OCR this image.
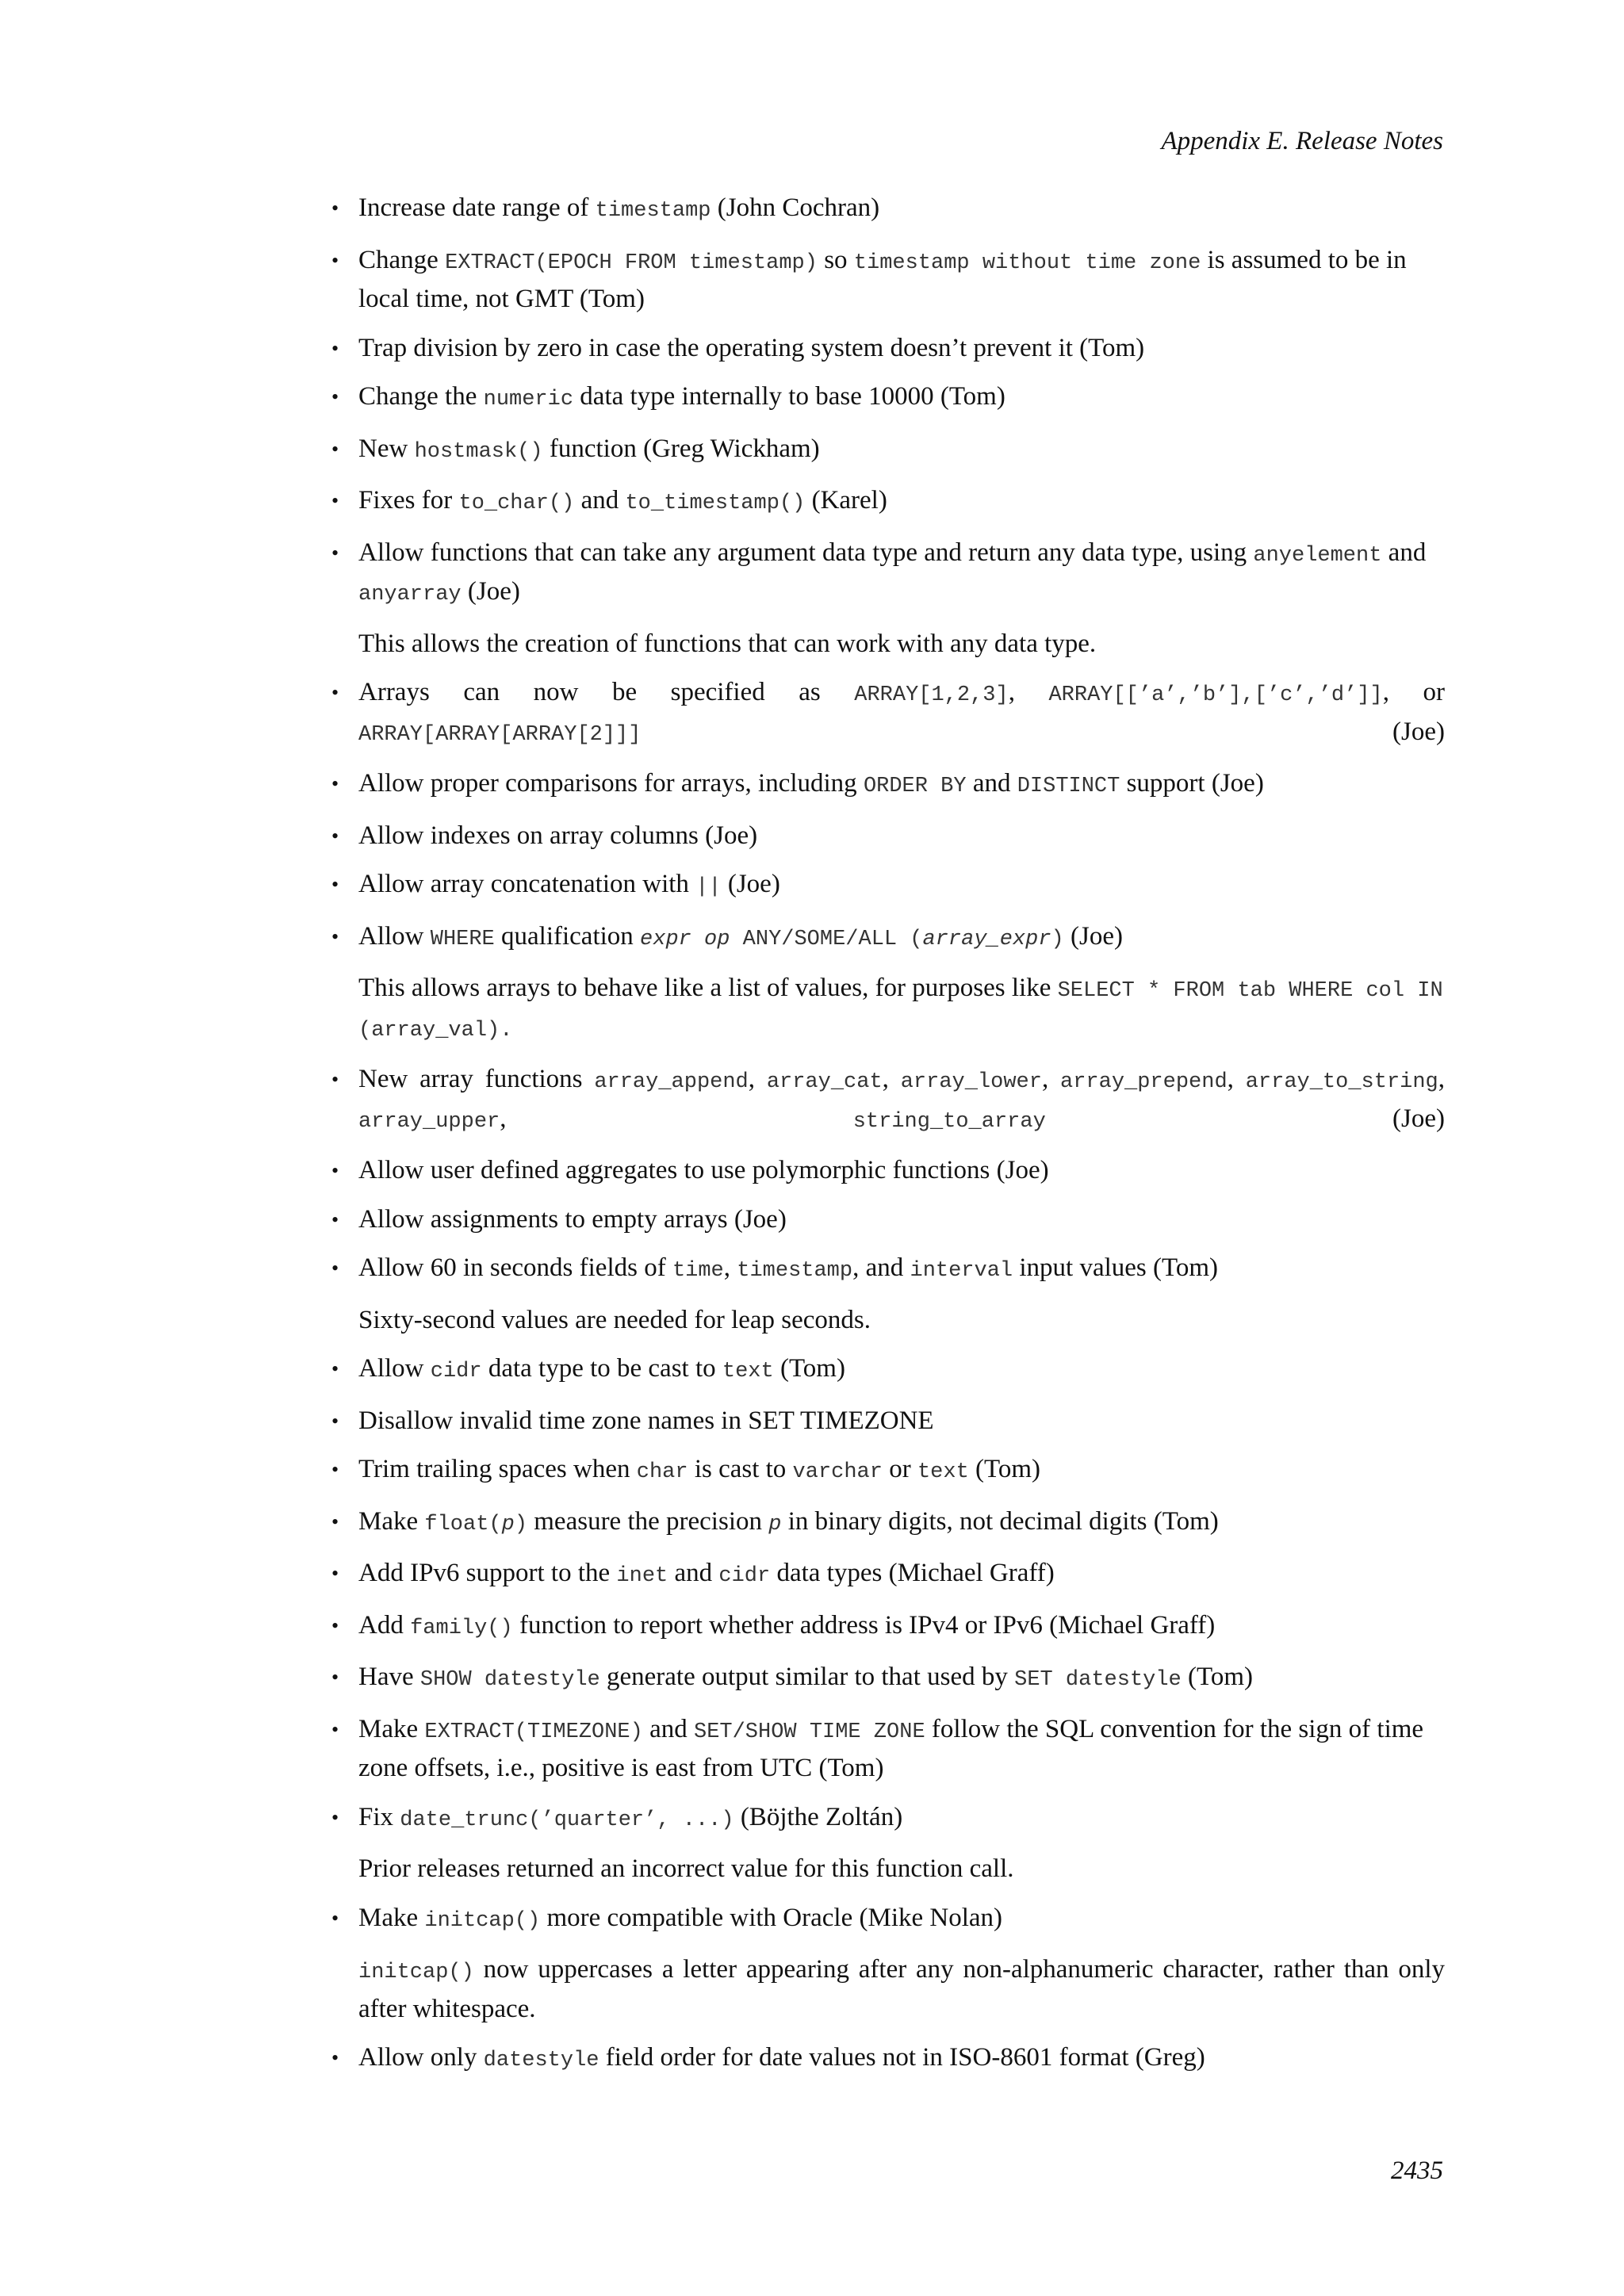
Appendix E. Release Notes
• Increase date range of timestamp (John Cochran)
• Change EXTRACT(EPOCH FROM timestamp) so timestamp without time zone is assumed to be in local time, not GMT (Tom)
• Trap division by zero in case the operating system doesn’t prevent it (Tom)
• Change the numeric data type internally to base 10000 (Tom)
• New hostmask() function (Greg Wickham)
• Fixes for to_char() and to_timestamp() (Karel)
• Allow functions that can take any argument data type and return any data type, using anyelement and anyarray (Joe)
This allows the creation of functions that can work with any data type.
• Arrays can now be specified as ARRAY[1,2,3], ARRAY[[’a’,’b’],[’c’,’d’]], or ARRAY[ARRAY[ARRAY[2]]] (Joe)
• Allow proper comparisons for arrays, including ORDER BY and DISTINCT support (Joe)
• Allow indexes on array columns (Joe)
• Allow array concatenation with || (Joe)
• Allow WHERE qualification expr op ANY/SOME/ALL (array_expr) (Joe)
This allows arrays to behave like a list of values, for purposes like SELECT * FROM tab WHERE col IN (array_val).
• New array functions array_append, array_cat, array_lower, array_prepend, array_to_string, array_upper, string_to_array (Joe)
• Allow user defined aggregates to use polymorphic functions (Joe)
• Allow assignments to empty arrays (Joe)
• Allow 60 in seconds fields of time, timestamp, and interval input values (Tom)
Sixty-second values are needed for leap seconds.
• Allow cidr data type to be cast to text (Tom)
• Disallow invalid time zone names in SET TIMEZONE
• Trim trailing spaces when char is cast to varchar or text (Tom)
• Make float(p) measure the precision p in binary digits, not decimal digits (Tom)
• Add IPv6 support to the inet and cidr data types (Michael Graff)
• Add family() function to report whether address is IPv4 or IPv6 (Michael Graff)
• Have SHOW datestyle generate output similar to that used by SET datestyle (Tom)
• Make EXTRACT(TIMEZONE) and SET/SHOW TIME ZONE follow the SQL convention for the sign of time zone offsets, i.e., positive is east from UTC (Tom)
• Fix date_trunc(’quarter’, ...) (Böjthe Zoltán)
Prior releases returned an incorrect value for this function call.
• Make initcap() more compatible with Oracle (Mike Nolan)
initcap() now uppercases a letter appearing after any non-alphanumeric character, rather than only after whitespace.
• Allow only datestyle field order for date values not in ISO-8601 format (Greg)
2435
